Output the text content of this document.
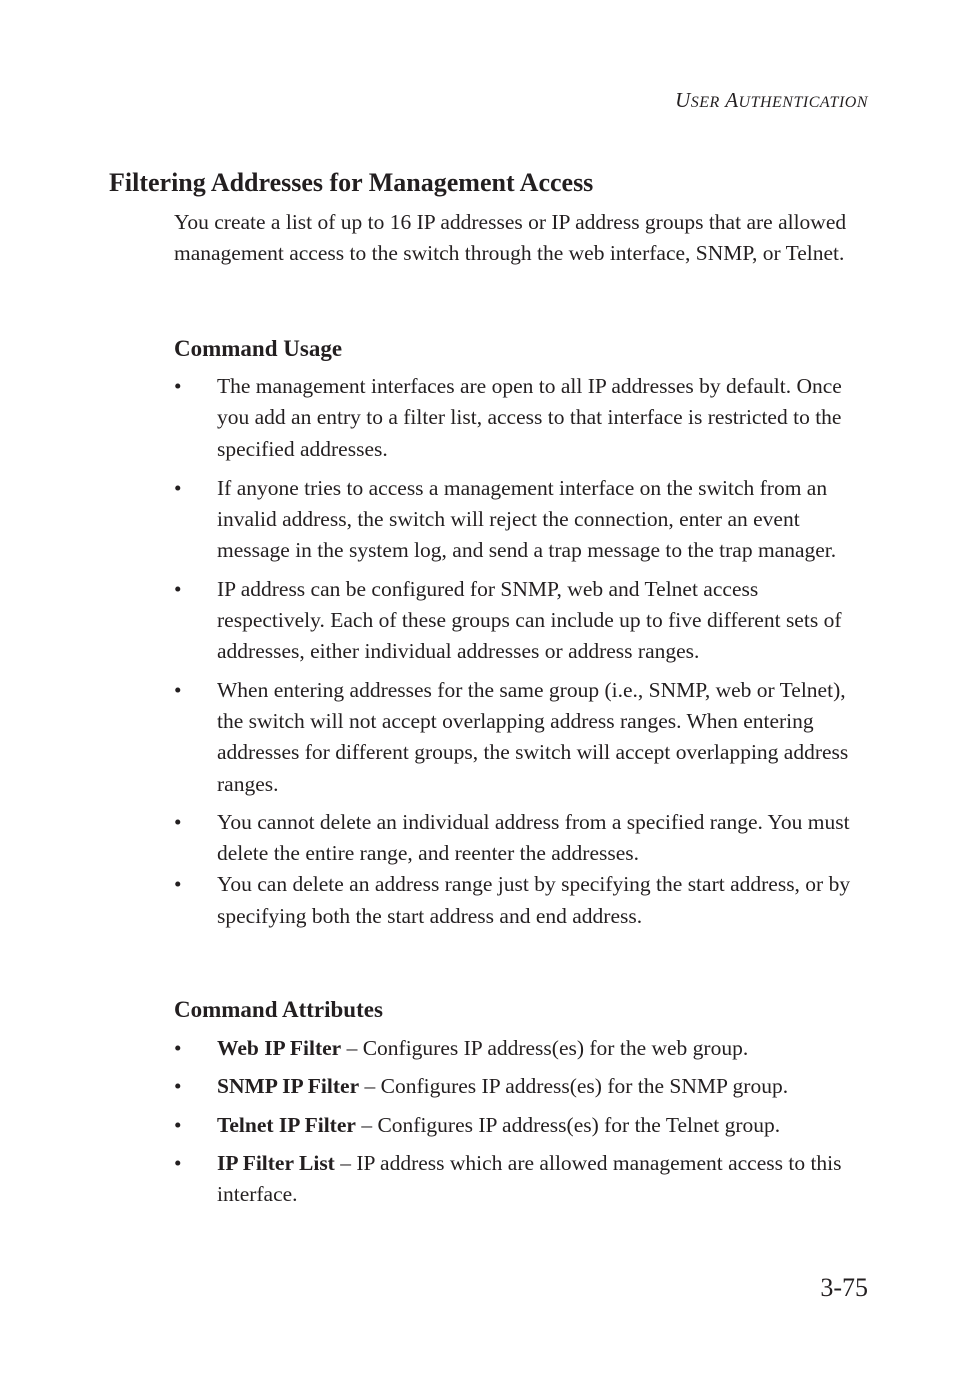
USER AUTHENTICATION
Filtering Addresses for Management Access

You create a list of up to 16 IP addresses or IP address groups that are allowed management access to the switch through the web interface, SNMP, or Telnet.

Command Usage
• The management interfaces are open to all IP addresses by default. Once you add an entry to a filter list, access to that interface is restricted to the specified addresses.
• If anyone tries to access a management interface on the switch from an invalid address, the switch will reject the connection, enter an event message in the system log, and send a trap message to the trap manager.
• IP address can be configured for SNMP, web and Telnet access respectively. Each of these groups can include up to five different sets of addresses, either individual addresses or address ranges.
• When entering addresses for the same group (i.e., SNMP, web or Telnet), the switch will not accept overlapping address ranges. When entering addresses for different groups, the switch will accept overlapping address ranges.
• You cannot delete an individual address from a specified range. You must delete the entire range, and reenter the addresses.
• You can delete an address range just by specifying the start address, or by specifying both the start address and end address.
Command Attributes
• Web IP Filter – Configures IP address(es) for the web group.
• SNMP IP Filter – Configures IP address(es) for the SNMP group.
• Telnet IP Filter – Configures IP address(es) for the Telnet group.
• IP Filter List – IP address which are allowed management access to this interface.
3-75
